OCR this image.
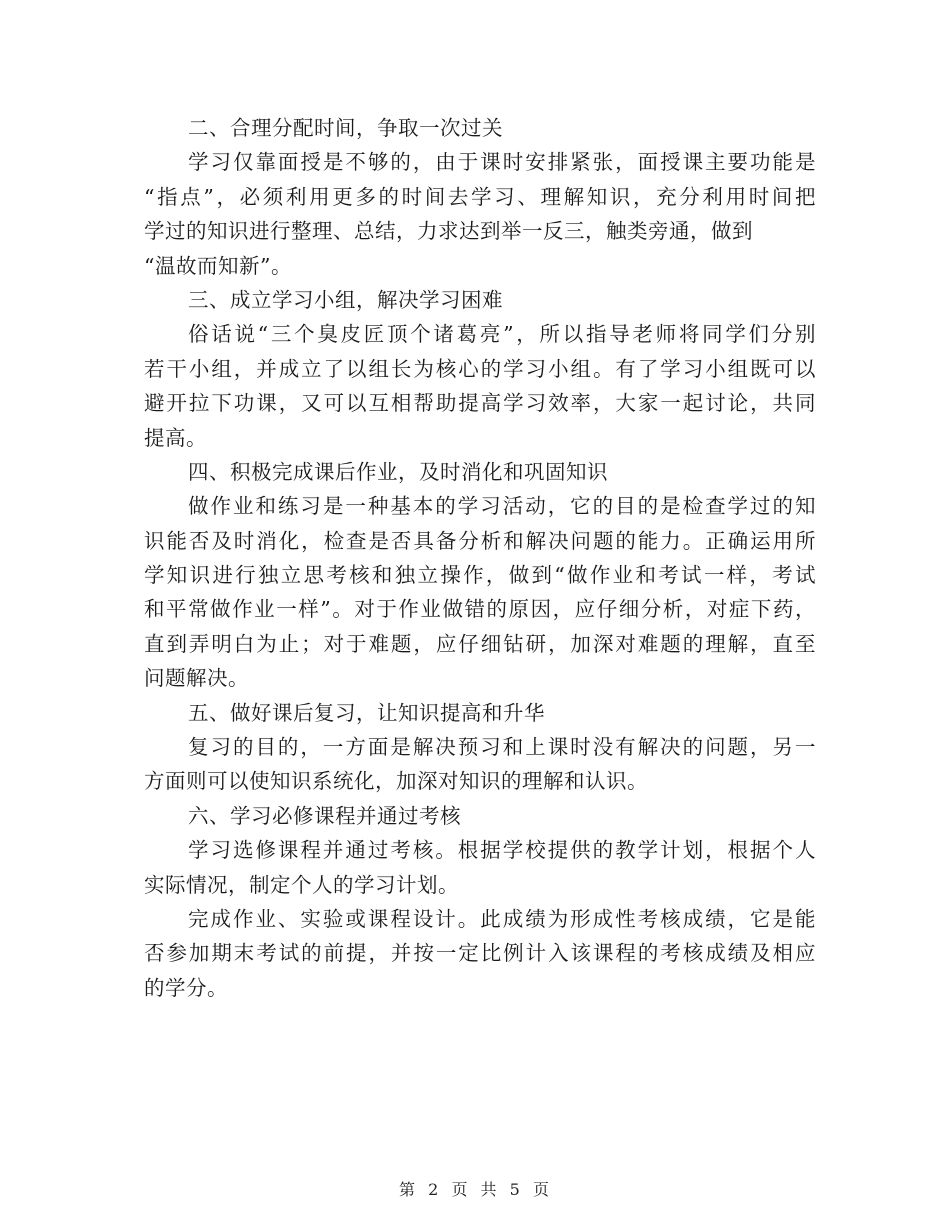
二、合理分配时间，争取一次过关
学习仅靠面授是不够的，由于课时安排紧张，面授课主要功能是
“指点”，必须利用更多的时间去学习、理解知识，充分利用时间把
学过的知识进行整理、总结，力求达到举一反三，触类旁通，做到
“温故而知新”。
三、成立学习小组，解决学习困难
俗话说“三个臭皮匠顶个诸葛亮”，所以指导老师将同学们分别
若干小组，并成立了以组长为核心的学习小组。有了学习小组既可以
避开拉下功课，又可以互相帮助提高学习效率，大家一起讨论，共同
提高。
四、积极完成课后作业，及时消化和巩固知识
做作业和练习是一种基本的学习活动，它的目的是检查学过的知
识能否及时消化，检查是否具备分析和解决问题的能力。正确运用所
学知识进行独立思考核和独立操作，做到“做作业和考试一样，考试
和平常做作业一样”。对于作业做错的原因，应仔细分析，对症下药，
直到弄明白为止；对于难题，应仔细钻研，加深对难题的理解，直至
问题解决。
五、做好课后复习，让知识提高和升华
复习的目的，一方面是解决预习和上课时没有解决的问题，另一
方面则可以使知识系统化，加深对知识的理解和认识。
六、学习必修课程并通过考核
学习选修课程并通过考核。根据学校提供的教学计划，根据个人
实际情况，制定个人的学习计划。
完成作业、实验或课程设计。此成绩为形成性考核成绩，它是能
否参加期末考试的前提，并按一定比例计入该课程的考核成绩及相应
的学分。
第 2 页 共 5 页
